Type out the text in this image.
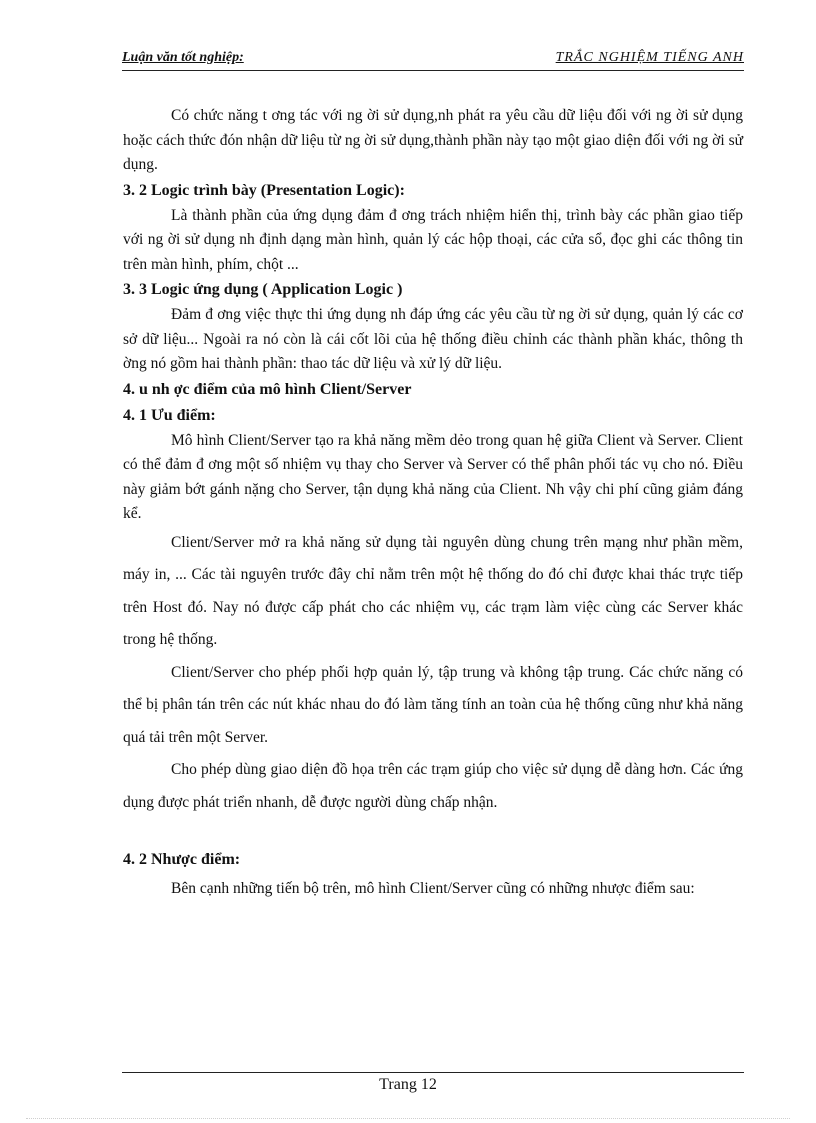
Luận văn tốt nghiệp:	TRẮC NGHIỆM TIẾNG ANH

Có chức năng t ơng tác với ng ời sử dụng,nh phát ra yêu cầu dữ liệu đối với ng ời sử dụng hoặc cách thức đón nhận dữ liệu từ ng ời sử dụng,thành phần này tạo một giao diện đối với ng ời sử dụng.

3. 2 Logic trình bày (Presentation Logic):

Là thành phần của ứng dụng đảm đ ơng trách nhiệm hiển thị, trình bày các phần giao tiếp với ng ời sử dụng nh định dạng màn hình, quản lý các hộp thoại, các cửa sổ, đọc ghi các thông tin trên màn hình, phím, chột ...

3. 3 Logic ứng dụng ( Application Logic )

Đảm đ ơng việc thực thi ứng dụng nh đáp ứng các yêu cầu từ ng ời sử dụng, quản lý các cơ sở dữ liệu... Ngoài ra nó còn là cái cốt lõi của hệ thống điều chỉnh các thành phần khác, thông th ờng nó gồm hai thành phần: thao tác dữ liệu và xử lý dữ liệu.

4. u nh ợc điểm của mô hình Client/Server

4. 1 Ưu điểm:

Mô hình Client/Server tạo ra khả năng mềm dẻo trong quan hệ giữa Client và Server. Client có thể đảm đ ơng một số nhiệm vụ thay cho Server và Server có thể phân phối tác vụ cho nó. Điều này giảm bớt gánh nặng cho Server, tận dụng khả năng của Client. Nh vậy chi phí cũng giảm đáng kể.

Client/Server mở ra khả năng sử dụng tài nguyên dùng chung trên mạng như phần mềm, máy in, ... Các tài nguyên trước đây chỉ nằm trên một hệ thống do đó chỉ được khai thác trực tiếp trên Host đó. Nay nó được cấp phát cho các nhiệm vụ, các trạm làm việc cùng các Server khác trong hệ thống.

Client/Server cho phép phối hợp quản lý, tập trung và không tập trung. Các chức năng có thể bị phân tán trên các nút khác nhau do đó làm tăng tính an toàn của hệ thống cũng như khả năng quá tải trên một Server.

Cho phép dùng giao diện đồ họa trên các trạm giúp cho việc sử dụng dễ dàng hơn. Các ứng dụng được phát triển nhanh, dễ được người dùng chấp nhận.

4. 2 Nhược điểm:

Bên cạnh những tiến bộ trên, mô hình Client/Server cũng có những nhược điểm sau:

Trang 12
